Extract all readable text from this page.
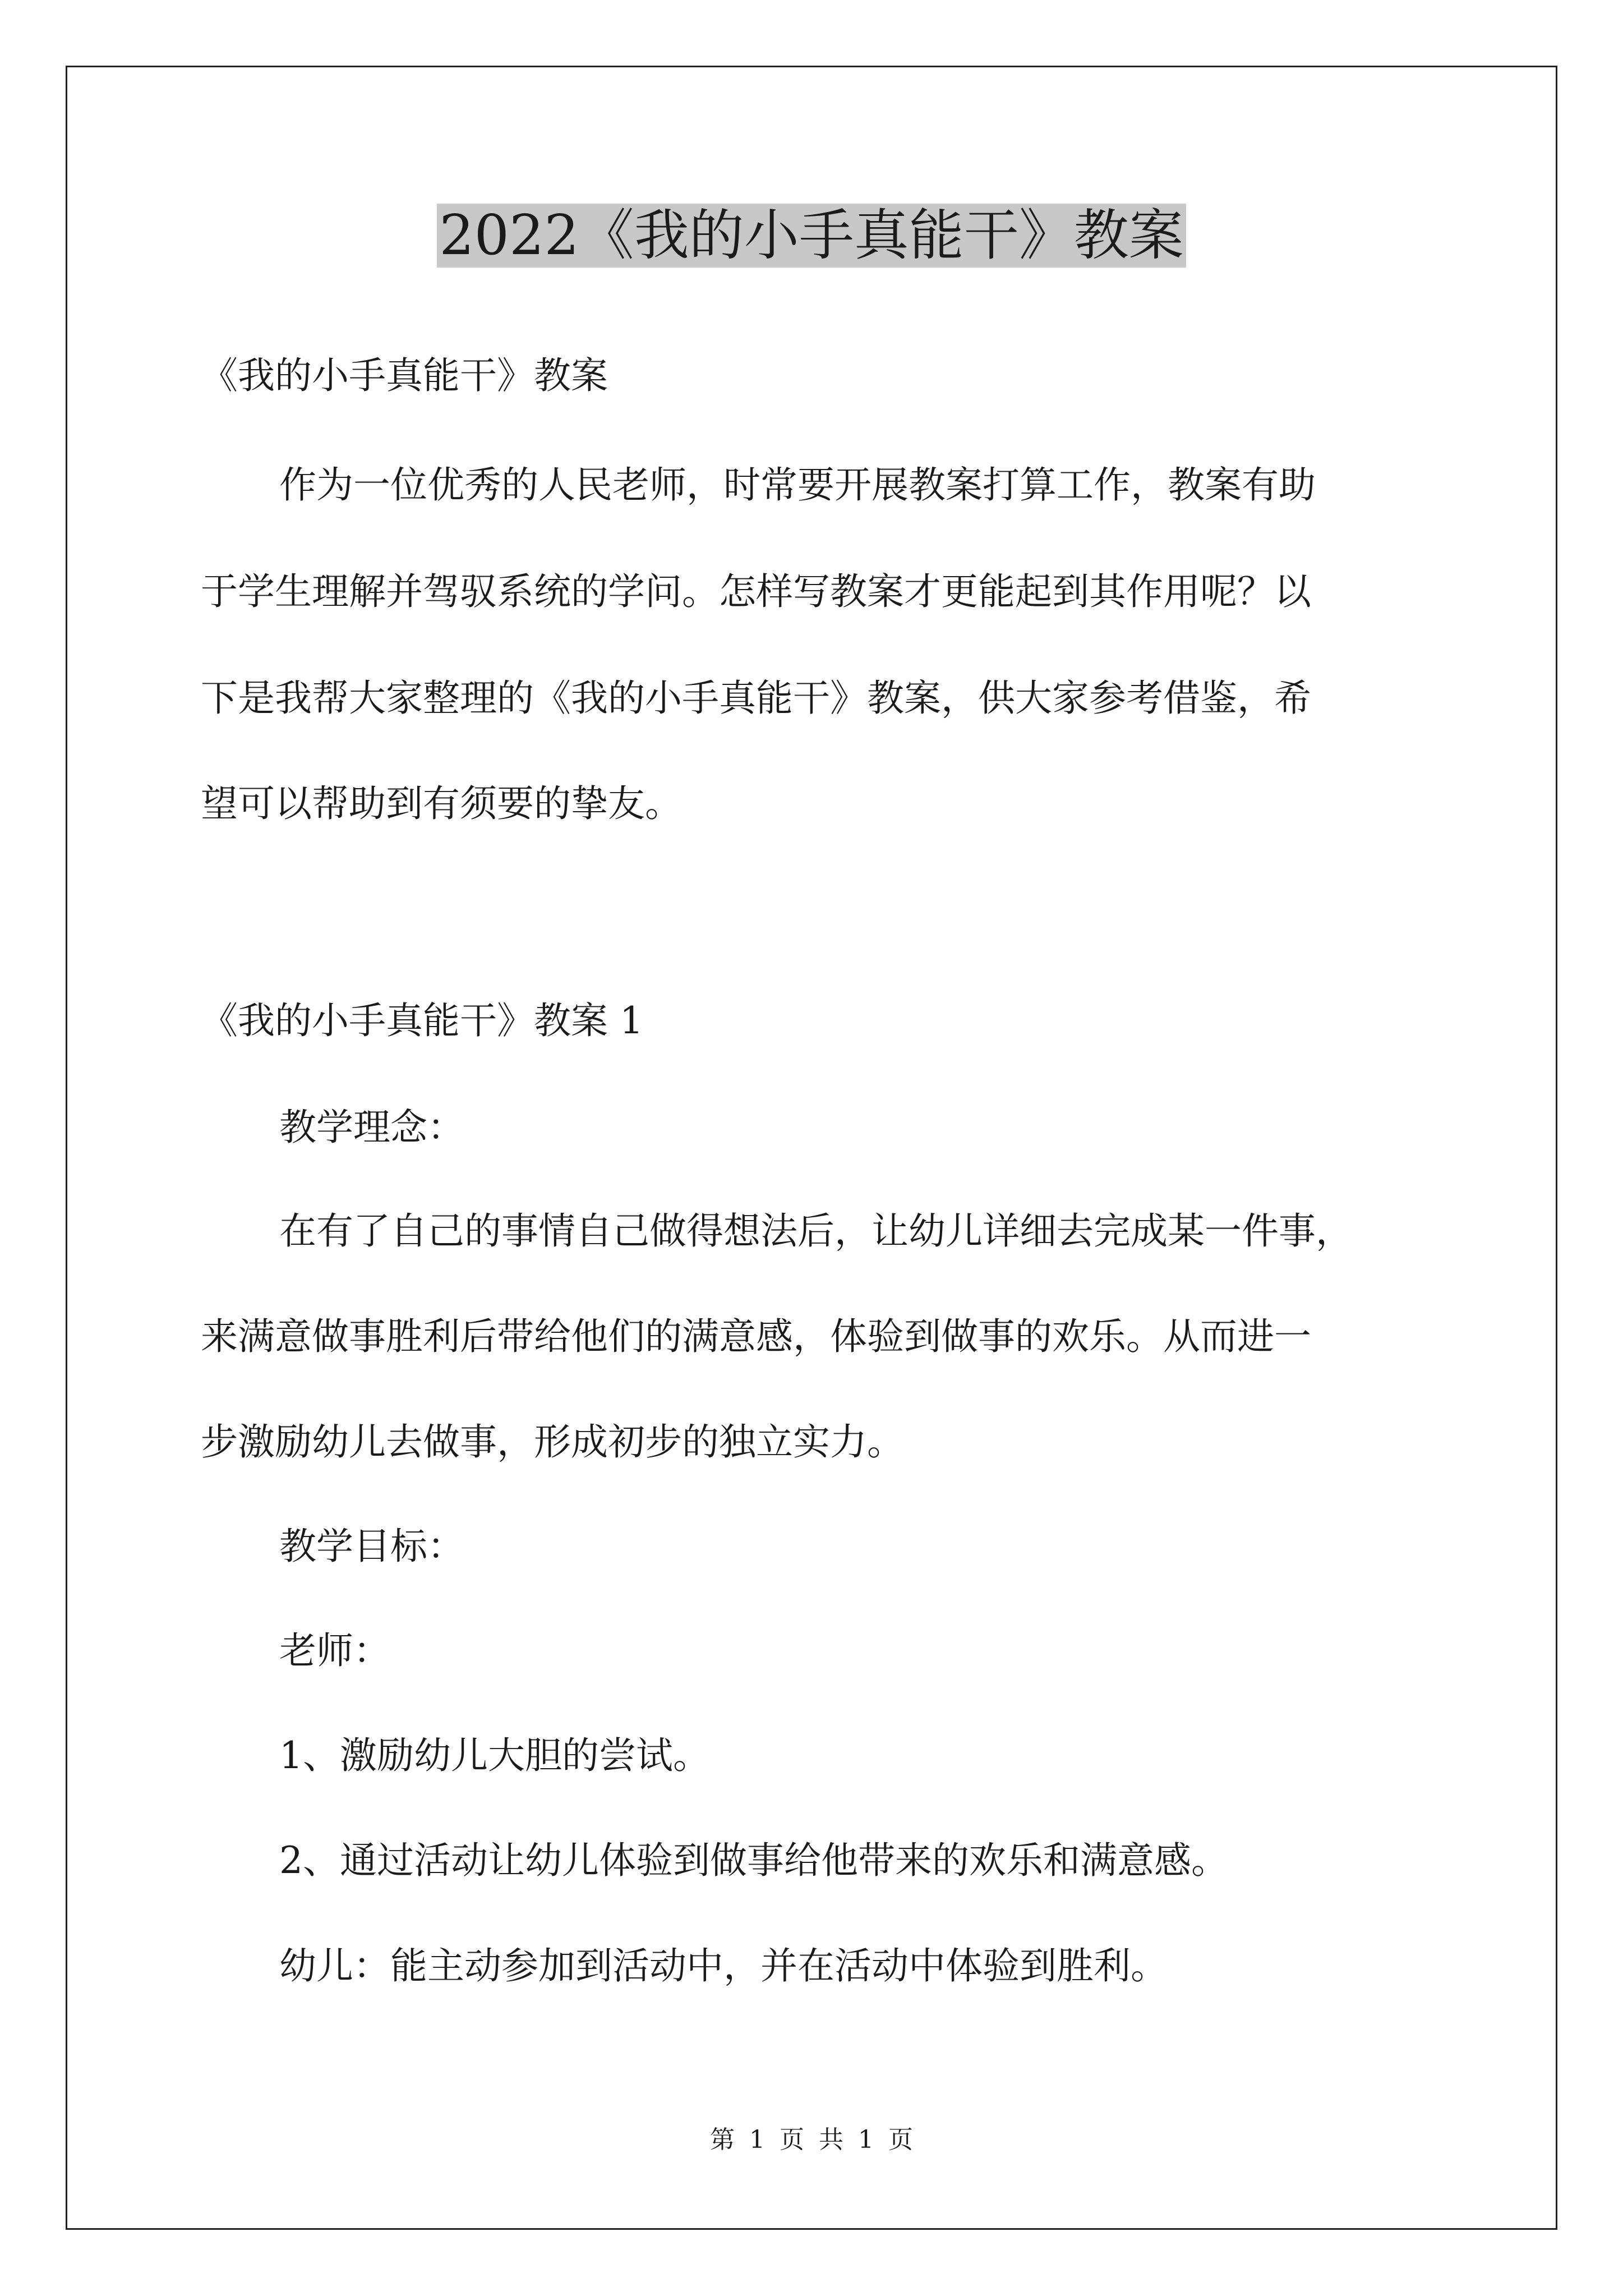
2022《我的小手真能干》教案

《我的小手真能干》教案

作为一位优秀的人民老师，时常要开展教案打算工作，教案有助

于学生理解并驾驭系统的学问。怎样写教案才更能起到其作用呢？以

下是我帮大家整理的《我的小手真能干》教案，供大家参考借鉴，希

望可以帮助到有须要的挚友。

《我的小手真能干》教案 1

教学理念：

在有了自己的事情自己做得想法后，让幼儿详细去完成某一件事，

来满意做事胜利后带给他们的满意感，体验到做事的欢乐。从而进一

步激励幼儿去做事，形成初步的独立实力。

教学目标：

老师：

1、激励幼儿大胆的尝试。

2、通过活动让幼儿体验到做事给他带来的欢乐和满意感。

幼儿：能主动参加到活动中，并在活动中体验到胜利。

第 1 页 共 1 页
